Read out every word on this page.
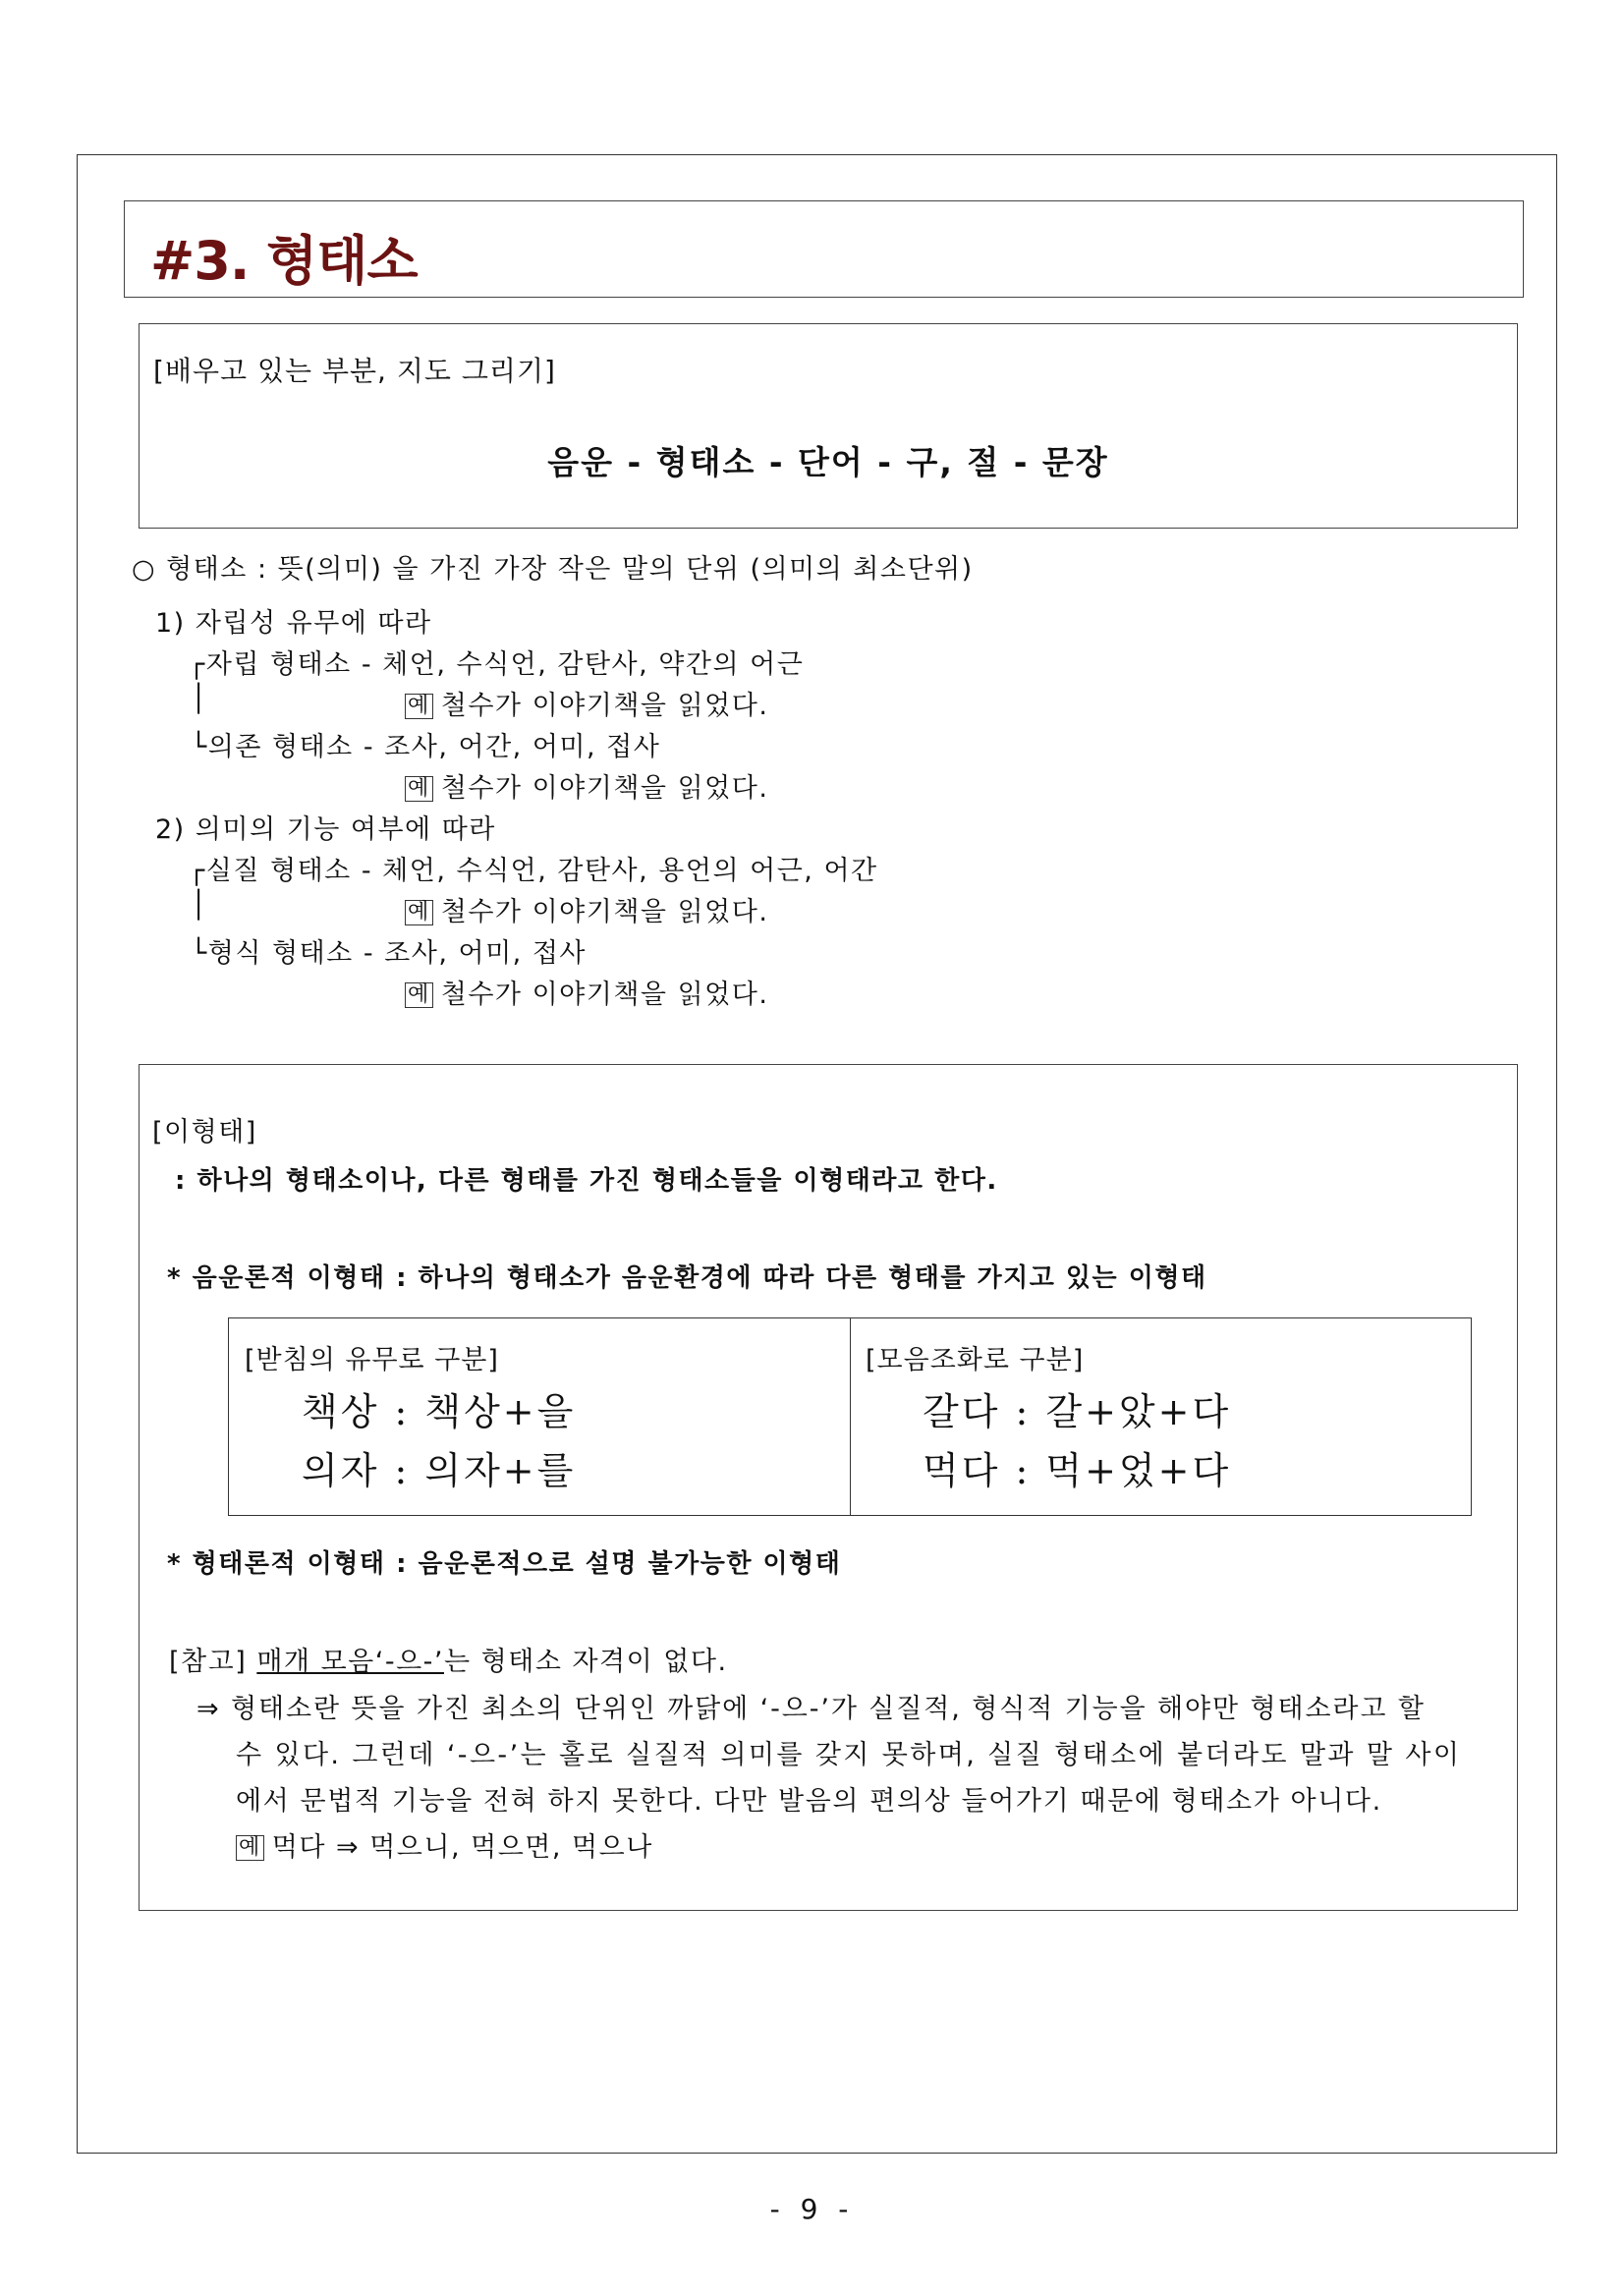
#3. 형태소
[배우고 있는 부분, 지도 그리기]
음운 - 형태소 - 단어 - 구, 절 - 문장
○ 형태소 : 뜻(의미) 을 가진 가장 작은 말의 단위 (의미의 최소단위)
1) 자립성 유무에 따라
┌자립 형태소 - 체언, 수식언, 감탄사, 약간의 어근
│	예 철수가 이야기책을 읽었다.
└의존 형태소 - 조사, 어간, 어미, 접사
예 철수가 이야기책을 읽었다.
2) 의미의 기능 여부에 따라
┌실질 형태소 - 체언, 수식언, 감탄사, 용언의 어근, 어간
│	예 철수가 이야기책을 읽었다.
└형식 형태소 - 조사, 어미, 접사
예 철수가 이야기책을 읽었다.
[이형태]
: 하나의 형태소이나, 다른 형태를 가진 형태소들을 이형태라고 한다.
* 음운론적 이형태 : 하나의 형태소가 음운환경에 따라 다른 형태를 가지고 있는 이형태
[받침의 유무로 구분]
책상 : 책상+을
의자 : 의자+를
[모음조화로 구분]
갈다 : 갈+았+다
먹다 : 먹+었+다
* 형태론적 이형태 : 음운론적으로 설명 불가능한 이형태
[참고] 매개 모음‘-으-’는 형태소 자격이 없다.
⇒ 형태소란 뜻을 가진 최소의 단위인 까닭에 ‘-으-’가 실질적, 형식적 기능을 해야만 형태소라고 할
수 있다. 그런데 ‘-으-’는 홀로 실질적 의미를 갖지 못하며, 실질 형태소에 붙더라도 말과 말 사이
에서 문법적 기능을 전혀 하지 못한다. 다만 발음의 편의상 들어가기 때문에 형태소가 아니다.
예 먹다 ⇒ 먹으니, 먹으면, 먹으나
- 9 -
